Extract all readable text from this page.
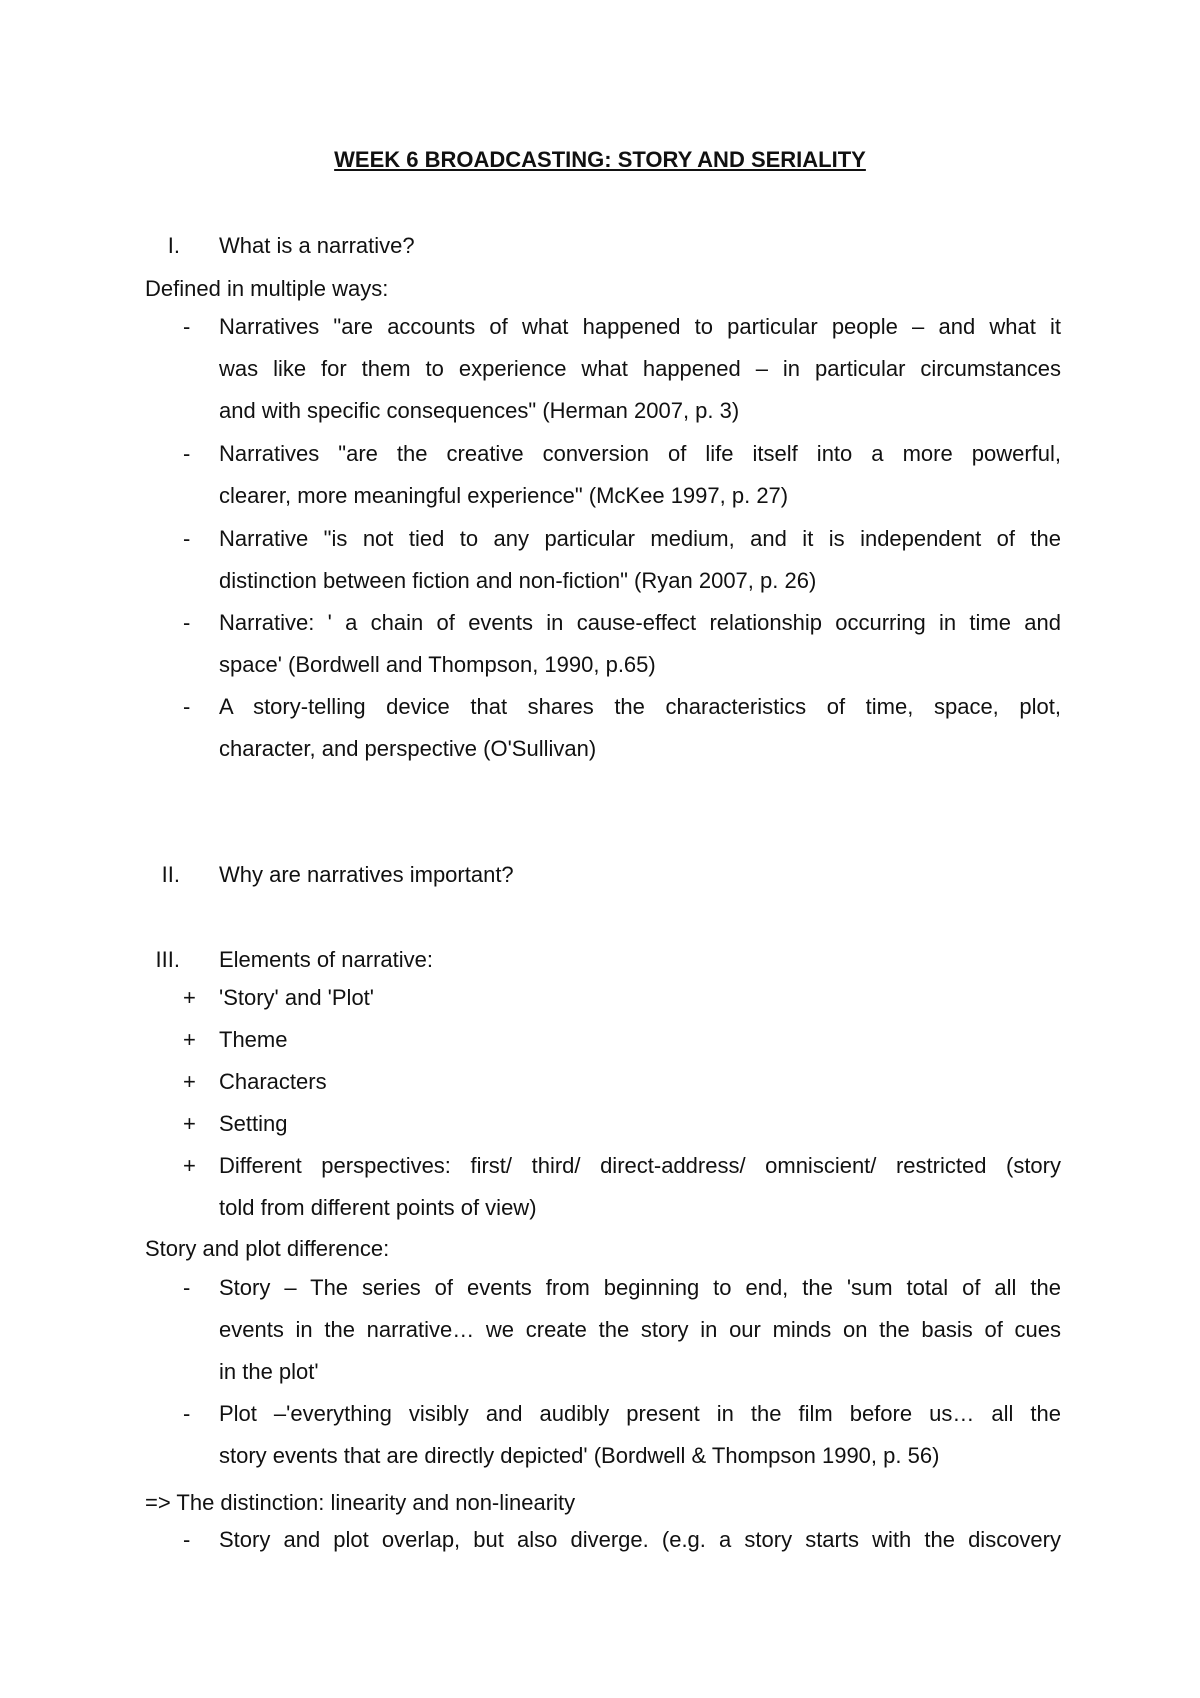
WEEK 6 BROADCASTING: STORY AND SERIALITY
I. What is a narrative?
Defined in multiple ways:
-	Narratives "are accounts of what happened to particular people – and what it

was like for them to experience what happened – in particular circumstances

and with specific consequences" (Herman 2007, p. 3)

-	Narratives "are the creative conversion of life itself into a more powerful,

clearer, more meaningful experience" (McKee 1997, p. 27)

-	Narrative "is not tied to any particular medium, and it is independent of the

distinction between fiction and non-fiction" (Ryan 2007, p. 26)

-	Narrative: ' a chain of events in cause-effect relationship occurring in time and

space' (Bordwell and Thompson, 1990, p.65)

-	A story-telling device that shares the characteristics of time, space, plot,

character, and perspective (O'Sullivan)

II. Why are narratives important?
III. Elements of narrative:
+	'Story' and 'Plot'

+	Theme

+	Characters

+	Setting

+	Different perspectives: first/ third/ direct-address/ omniscient/ restricted (story

told from different points of view)

Story and plot difference:
-	Story – The series of events from beginning to end, the 'sum total of all the

events in the narrative… we create the story in our minds on the basis of cues

in the plot'

-	Plot –'everything visibly and audibly present in the film before us… all the

story events that are directly depicted' (Bordwell & Thompson 1990, p. 56)

=> The distinction: linearity and non-linearity
-	Story and plot overlap, but also diverge. (e.g. a story starts with the discovery
